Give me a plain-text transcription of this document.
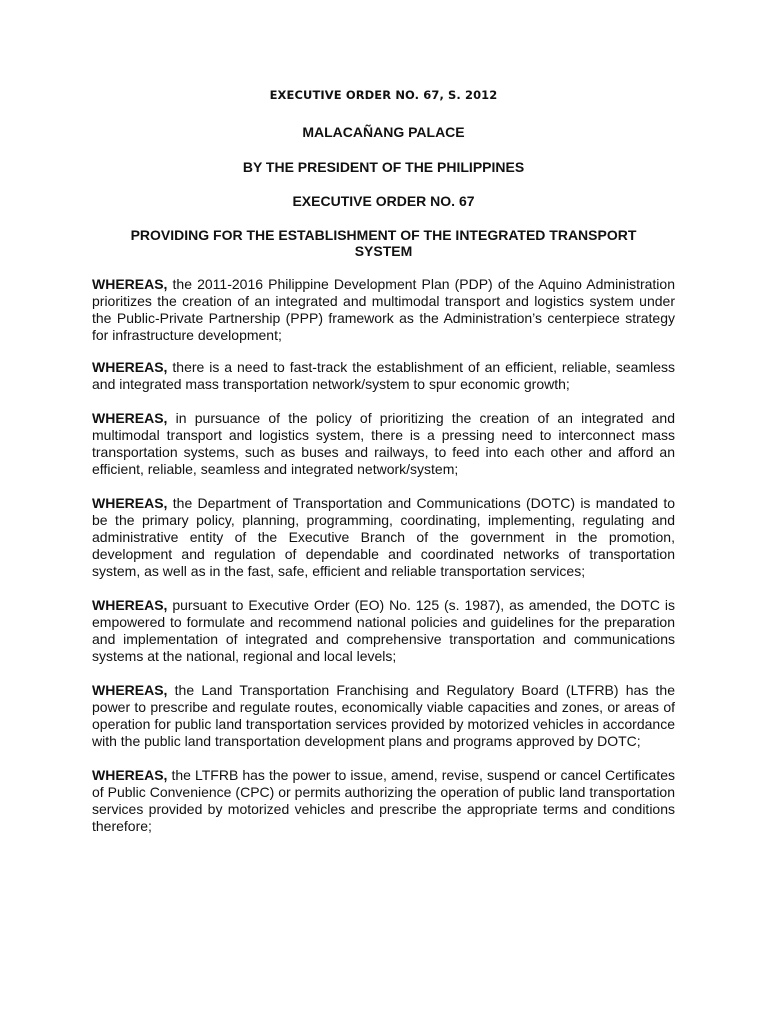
EXECUTIVE ORDER NO. 67, S. 2012
MALACAÑANG PALACE
BY THE PRESIDENT OF THE PHILIPPINES
EXECUTIVE ORDER NO. 67
PROVIDING FOR THE ESTABLISHMENT OF THE INTEGRATED TRANSPORT SYSTEM

WHEREAS, the 2011-2016 Philippine Development Plan (PDP) of the Aquino Administration prioritizes the creation of an integrated and multimodal transport and logistics system under the Public-Private Partnership (PPP) framework as the Administration’s centerpiece strategy for infrastructure development;

WHEREAS, there is a need to fast-track the establishment of an efficient, reliable, seamless and integrated mass transportation network/system to spur economic growth;

WHEREAS, in pursuance of the policy of prioritizing the creation of an integrated and multimodal transport and logistics system, there is a pressing need to interconnect mass transportation systems, such as buses and railways, to feed into each other and afford an efficient, reliable, seamless and integrated network/system;

WHEREAS, the Department of Transportation and Communications (DOTC) is mandated to be the primary policy, planning, programming, coordinating, implementing, regulating and administrative entity of the Executive Branch of the government in the promotion, development and regulation of dependable and coordinated networks of transportation system, as well as in the fast, safe, efficient and reliable transportation services;

WHEREAS, pursuant to Executive Order (EO) No. 125 (s. 1987), as amended, the DOTC is empowered to formulate and recommend national policies and guidelines for the preparation and implementation of integrated and comprehensive transportation and communications systems at the national, regional and local levels;

WHEREAS, the Land Transportation Franchising and Regulatory Board (LTFRB) has the power to prescribe and regulate routes, economically viable capacities and zones, or areas of operation for public land transportation services provided by motorized vehicles in accordance with the public land transportation development plans and programs approved by DOTC;

WHEREAS, the LTFRB has the power to issue, amend, revise, suspend or cancel Certificates of Public Convenience (CPC) or permits authorizing the operation of public land transportation services provided by motorized vehicles and prescribe the appropriate terms and conditions therefore;
